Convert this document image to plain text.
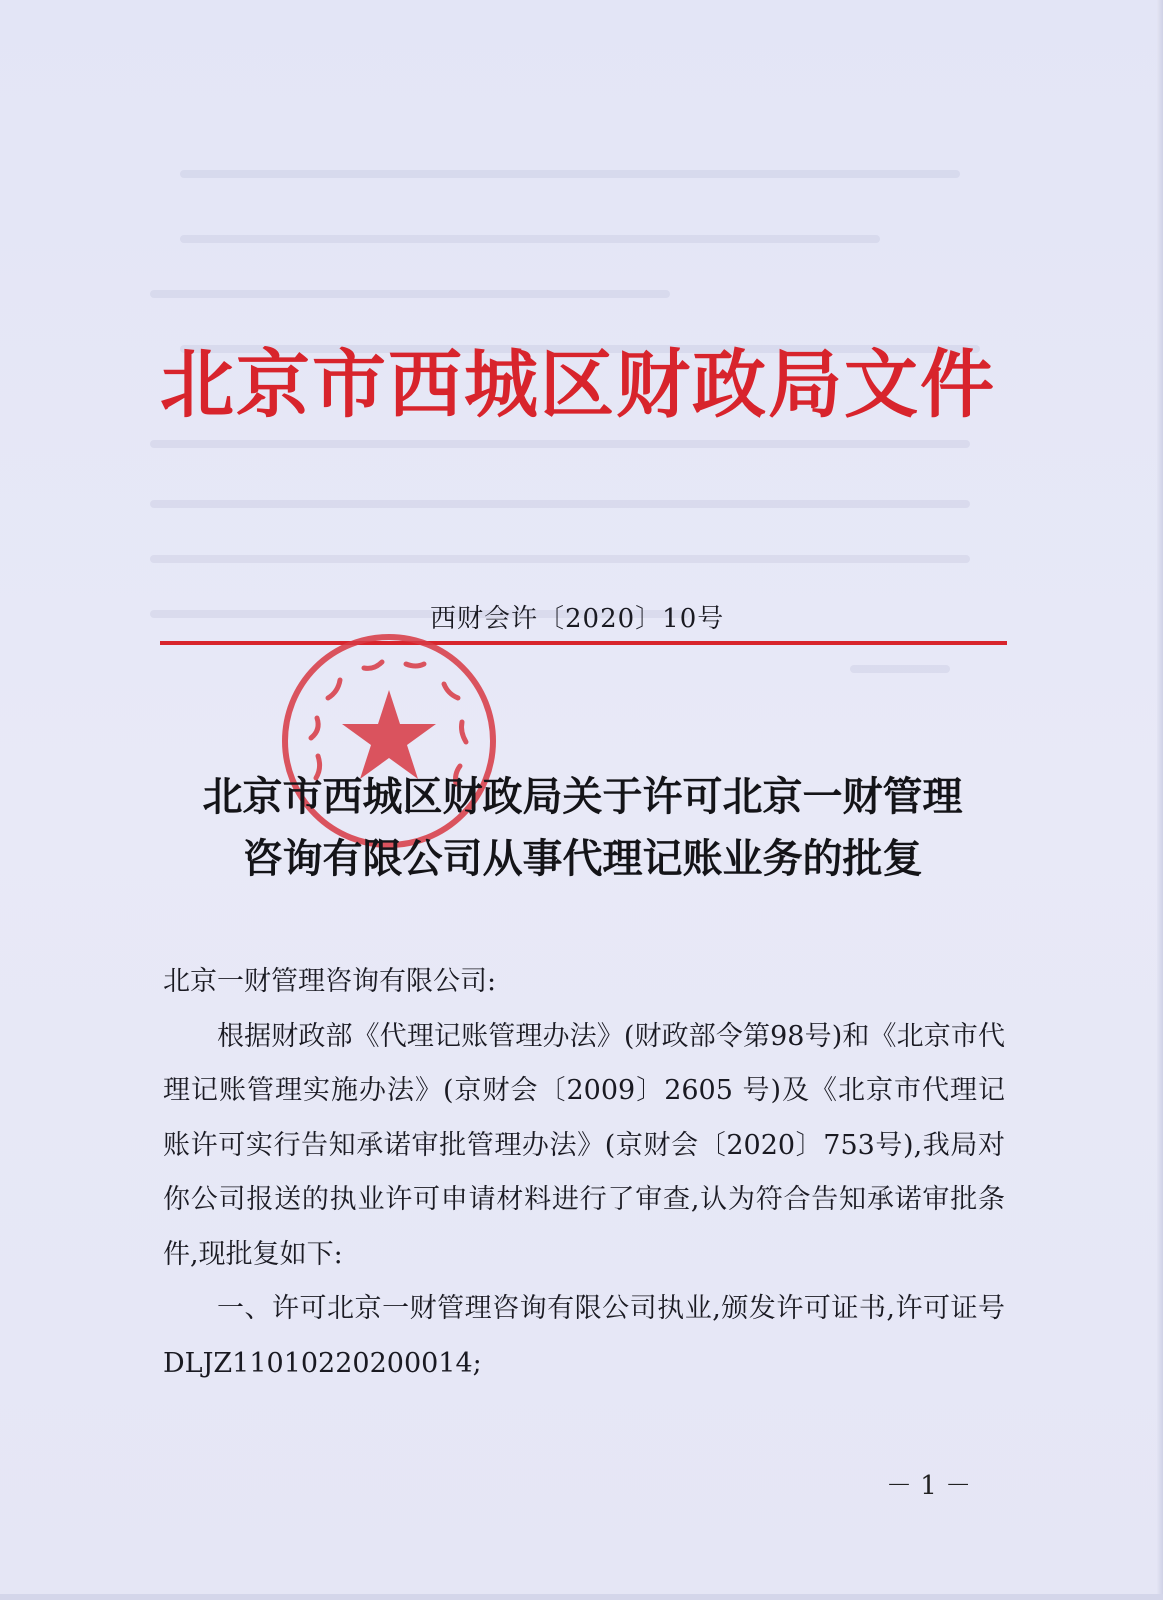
北京市西城区财政局文件
西财会许〔2020〕10号
北京市西城区财政局关于许可北京一财管理
咨询有限公司从事代理记账业务的批复

北京一财管理咨询有限公司:

根据财政部《代理记账管理办法》(财政部令第98号)和《北京市代理记账管理实施办法》(京财会〔2009〕2605 号)及《北京市代理记账许可实行告知承诺审批管理办法》(京财会〔2020〕753号),我局对你公司报送的执业许可申请材料进行了审查,认为符合告知承诺审批条件,现批复如下:

一、许可北京一财管理咨询有限公司执业,颁发许可证书,许可证号 DLJZ11010220200014;

－ 1 －
